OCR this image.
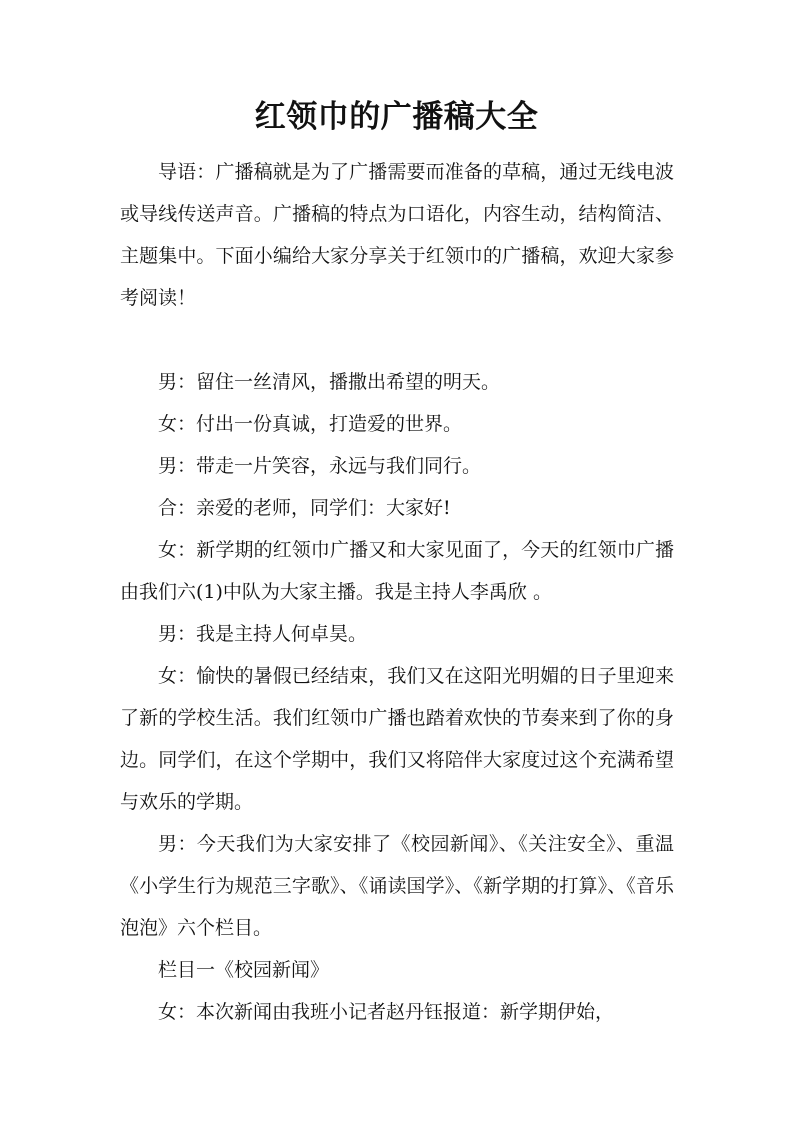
红领巾的广播稿大全

导语：广播稿就是为了广播需要而准备的草稿，通过无线电波或导线传送声音。广播稿的特点为口语化，内容生动，结构简洁、主题集中。下面小编给大家分享关于红领巾的广播稿，欢迎大家参考阅读！

男：留住一丝清风，播撒出希望的明天。

女：付出一份真诚，打造爱的世界。

男：带走一片笑容，永远与我们同行。

合：亲爱的老师，同学们：大家好!

女：新学期的红领巾广播又和大家见面了，今天的红领巾广播由我们六(1)中队为大家主播。我是主持人李禹欣 。

男：我是主持人何卓昊。

女：愉快的暑假已经结束，我们又在这阳光明媚的日子里迎来了新的学校生活。我们红领巾广播也踏着欢快的节奏来到了你的身边。同学们，在这个学期中，我们又将陪伴大家度过这个充满希望与欢乐的学期。

男：今天我们为大家安排了《校园新闻》、《关注安全》、重温《小学生行为规范三字歌》、《诵读国学》、《新学期的打算》、《音乐泡泡》六个栏目。

栏目一《校园新闻》

女：本次新闻由我班小记者赵丹钰报道：新学期伊始，
